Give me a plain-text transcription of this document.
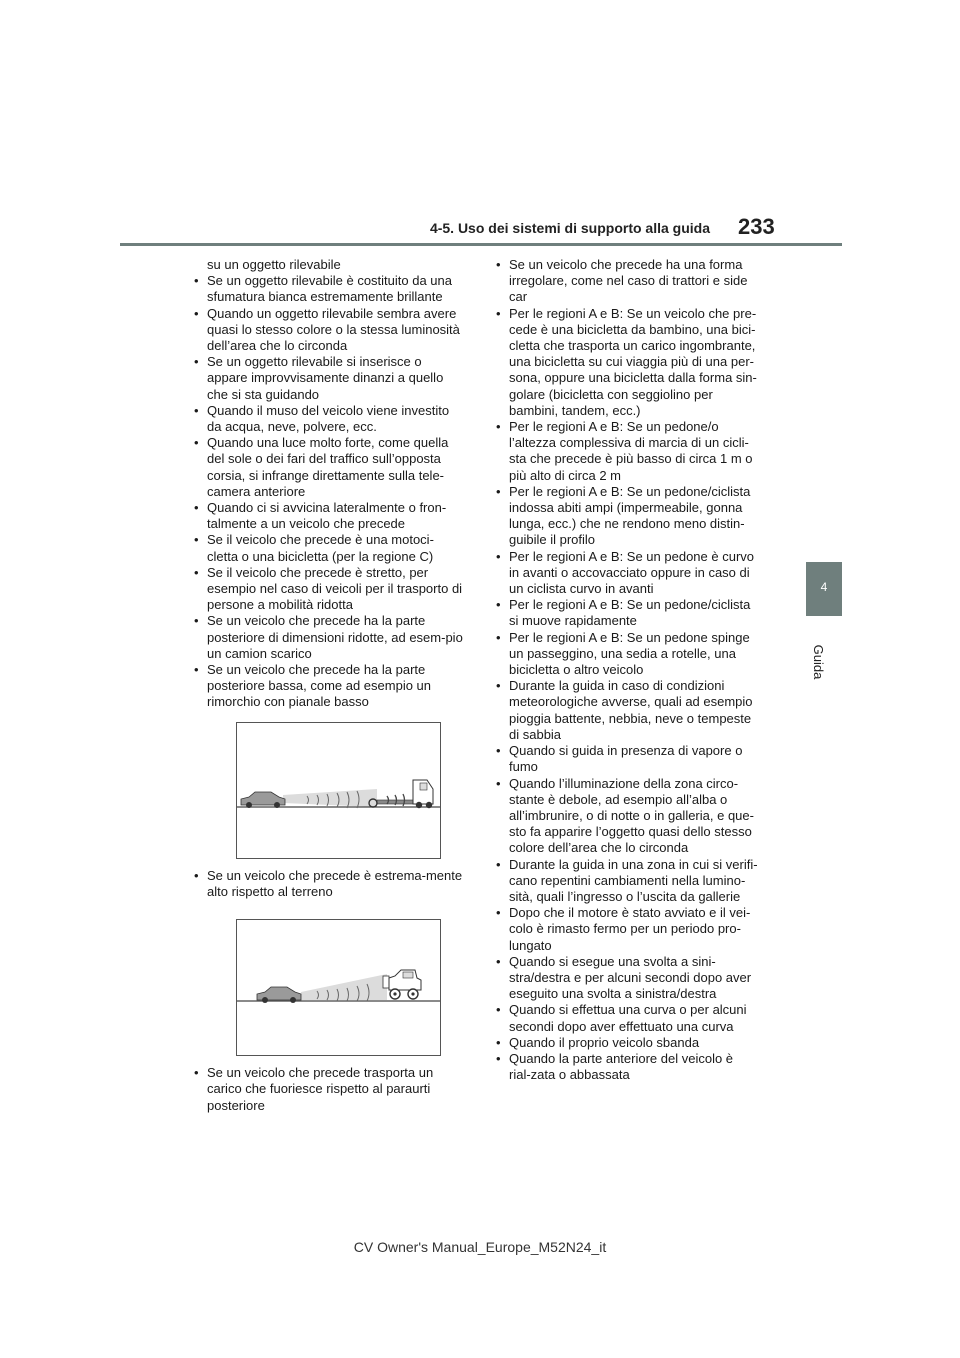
4-5. Uso dei sistemi di supporto alla guida 233
4
Guida

su un oggetto rilevabile

• Se un oggetto rilevabile è costituito da una sfumatura bianca estremamente brillante
• Quando un oggetto rilevabile sembra avere quasi lo stesso colore o la stessa luminosità dell’area che lo circonda
• Se un oggetto rilevabile si inserisce o appare improvvisamente dinanzi a quello che si sta guidando
• Quando il muso del veicolo viene investito da acqua, neve, polvere, ecc.
• Quando una luce molto forte, come quella del sole o dei fari del traffico sull’opposta corsia, si infrange direttamente sulla tele-camera anteriore
• Quando ci si avvicina lateralmente o fron-talmente a un veicolo che precede
• Se il veicolo che precede è una motoci-cletta o una bicicletta (per la regione C)
• Se il veicolo che precede è stretto, per esempio nel caso di veicoli per il trasporto di persone a mobilità ridotta
• Se un veicolo che precede ha la parte posteriore di dimensioni ridotte, ad esem-pio un camion scarico
• Se un veicolo che precede ha la parte posteriore bassa, come ad esempio un rimorchio con pianale basso
• Se un veicolo che precede è estrema-mente alto rispetto al terreno
• Se un veicolo che precede trasporta un carico che fuoriesce rispetto al paraurti posteriore
• Se un veicolo che precede ha una forma irregolare, come nel caso di trattori e side car
• Per le regioni A e B: Se un veicolo che pre-cede è una bicicletta da bambino, una bici-cletta che trasporta un carico ingombrante, una bicicletta su cui viaggia più di una per-sona, oppure una bicicletta dalla forma sin-golare (bicicletta con seggiolino per bambini, tandem, ecc.)
• Per le regioni A e B: Se un pedone/o l’altezza complessiva di marcia di un cicli-sta che precede è più basso di circa 1 m o più alto di circa 2 m
• Per le regioni A e B: Se un pedone/ciclista indossa abiti ampi (impermeabile, gonna lunga, ecc.) che ne rendono meno distin-guibile il profilo
• Per le regioni A e B: Se un pedone è curvo in avanti o accovacciato oppure in caso di un ciclista curvo in avanti
• Per le regioni A e B: Se un pedone/ciclista si muove rapidamente
• Per le regioni A e B: Se un pedone spinge un passeggino, una sedia a rotelle, una bicicletta o altro veicolo
• Durante la guida in caso di condizioni meteorologiche avverse, quali ad esempio pioggia battente, nebbia, neve o tempeste di sabbia
• Quando si guida in presenza di vapore o fumo
• Quando l’illuminazione della zona circo-stante è debole, ad esempio all’alba o all’imbrunire, o di notte o in galleria, e que-sto fa apparire l’oggetto quasi dello stesso colore dell’area che lo circonda
• Durante la guida in una zona in cui si verifi-cano repentini cambiamenti nella lumino-sità, quali l’ingresso o l’uscita da gallerie
• Dopo che il motore è stato avviato e il vei-colo è rimasto fermo per un periodo pro-lungato
• Quando si esegue una svolta a sini-stra/destra e per alcuni secondi dopo aver eseguito una svolta a sinistra/destra
• Quando si effettua una curva o per alcuni secondi dopo aver effettuato una curva
• Quando il proprio veicolo sbanda
• Quando la parte anteriore del veicolo è rial-zata o abbassata
CV Owner's Manual_Europe_M52N24_it
